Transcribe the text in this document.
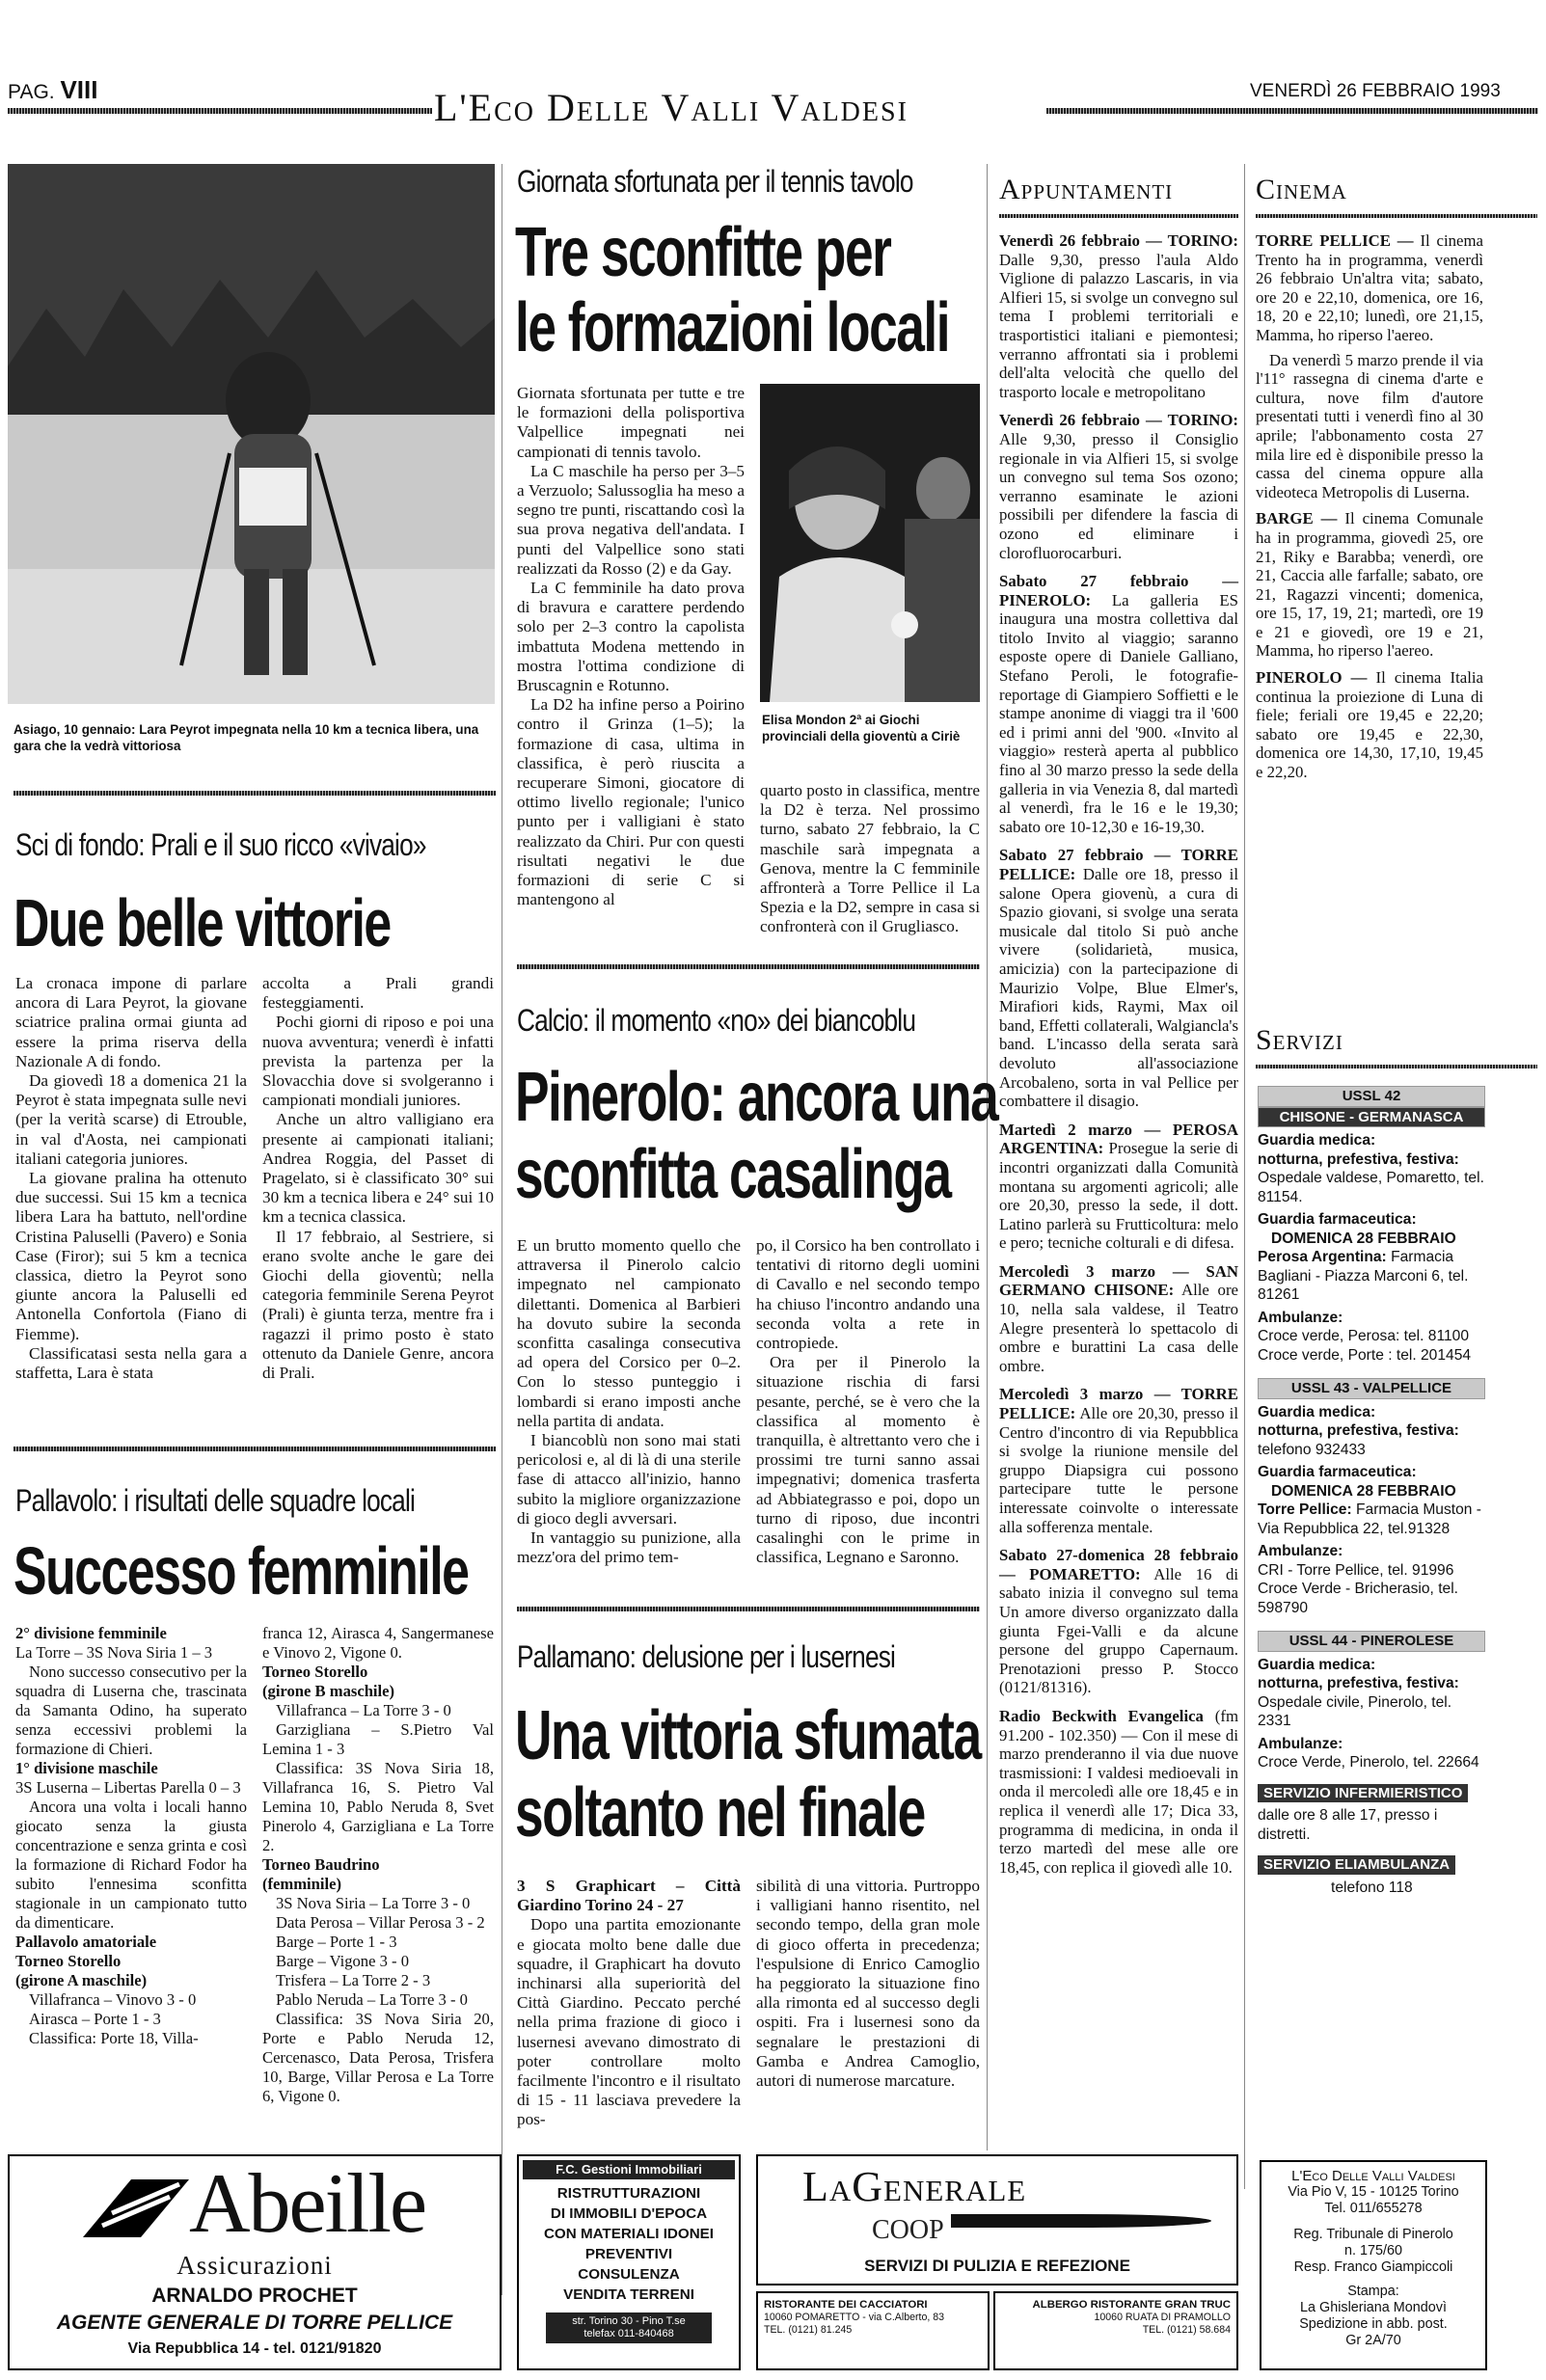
PAG. VIII	L'Eco Delle Valli Valdesi	VENERDÌ 26 FEBBRAIO 1993
Asiago, 10 gennaio: Lara Peyrot impegnata nella 10 km a tecnica libera, una gara che la vedrà vittoriosa
Sci di fondo: Prali e il suo ricco «vivaio»
Due belle vittorie

La cronaca impone di parlare ancora di Lara Peyrot, la giovane sciatrice pralina ormai giunta ad essere la prima riserva della Nazionale A di fondo.

Da giovedì 18 a domenica 21 la Peyrot è stata impegnata sulle nevi (per la verità scarse) di Etrouble, in val d'Aosta, nei campionati italiani categoria juniores.

La giovane pralina ha ottenuto due successi. Sui 15 km a tecnica libera Lara ha battuto, nell'ordine Cristina Paluselli (Pavero) e Sonia Case (Firor); sui 5 km a tecnica classica, dietro la Peyrot sono giunte ancora la Paluselli ed Antonella Confortola (Fiano di Fiemme).

Classificatasi sesta nella gara a staffetta, Lara è stata

accolta a Prali grandi festeggiamenti.

Pochi giorni di riposo e poi una nuova avventura; venerdì è infatti prevista la partenza per la Slovacchia dove si svolgeranno i campionati mondiali juniores.

Anche un altro valligiano era presente ai campionati italiani; Andrea Roggia, del Passet di Pragelato, si è classificato 30° sui 30 km a tecnica libera e 24° sui 10 km a tecnica classica.

Il 17 febbraio, al Sestriere, si erano svolte anche le gare dei Giochi della gioventù; nella categoria femminile Serena Peyrot (Prali) è giunta terza, mentre fra i ragazzi il primo posto è stato ottenuto da Daniele Genre, ancora di Prali.

Pallavolo: i risultati delle squadre locali
Successo femminile
2° divisione femminile
La Torre – 3S Nova Siria 1 – 3
Nono successo consecutivo per la squadra di Luserna che, trascinata da Samanta Odino, ha superato senza eccessivi problemi la formazione di Chieri.
1° divisione maschile
3S Luserna – Libertas Parella 0 – 3
Ancora una volta i locali hanno giocato senza la giusta concentrazione e senza grinta e così la formazione di Richard Fodor ha subito l'ennesima sconfitta stagionale in un campionato tutto da dimenticare.
Pallavolo amatoriale
Torneo Storello
(girone A maschile)
Villafranca – Vinovo 3 - 0
Airasca – Porte 1 - 3
Classifica: Porte 18, Villa-
franca 12, Airasca 4, Sangermanese e Vinovo 2, Vigone 0.
Torneo Storello
(girone B maschile)
Villafranca – La Torre 3 - 0
Garzigliana – S.Pietro Val Lemina 1 - 3
Classifica: 3S Nova Siria 18, Villafranca 16, S. Pietro Val Lemina 10, Pablo Neruda 8, Svet Pinerolo 4, Garzigliana e La Torre 2.
Torneo Baudrino
(femminile)
3S Nova Siria – La Torre 3 - 0
Data Perosa – Villar Perosa 3 - 2
Barge – Porte 1 - 3
Barge – Vigone 3 - 0
Trisfera – La Torre 2 - 3
Pablo Neruda – La Torre 3 - 0
Classifica: 3S Nova Siria 20, Porte e Pablo Neruda 12, Cercenasco, Data Perosa, Trisfera 10, Barge, Villar Perosa e La Torre 6, Vigone 0.
Giornata sfortunata per il tennis tavolo
Tre sconfitte per
le formazioni locali

Giornata sfortunata per tutte e tre le formazioni della polisportiva Valpellice impegnati nei campionati di tennis tavolo.

La C maschile ha perso per 3–5 a Verzuolo; Salussoglia ha meso a segno tre punti, riscattando così la sua prova negativa dell'andata. I punti del Valpellice sono stati realizzati da Rosso (2) e da Gay.

La C femminile ha dato prova di bravura e carattere perdendo solo per 2–3 contro la capolista imbattuta Modena mettendo in mostra l'ottima condizione di Bruscagnin e Rotunno.

La D2 ha infine perso a Poirino contro il Grinza (1–5); la formazione di casa, ultima in classifica, è però riuscita a recuperare Simoni, giocatore di ottimo livello regionale; l'unico punto per i valligiani è stato realizzato da Chiri. Pur con questi risultati negativi le due formazioni di serie C si mantengono al

Elisa Mondon 2ª ai Giochi provinciali della gioventù a Ciriè

quarto posto in classifica, mentre la D2 è terza. Nel prossimo turno, sabato 27 febbraio, la C maschile sarà impegnata a Genova, mentre la C femminile affronterà a Torre Pellice il La Spezia e la D2, sempre in casa si confronterà con il Grugliasco.

Calcio: il momento «no» dei biancoblu
Pinerolo: ancora una
sconfitta casalinga

E un brutto momento quello che attraversa il Pinerolo calcio impegnato nel campionato dilettanti. Domenica al Barbieri ha dovuto subire la seconda sconfitta casalinga consecutiva ad opera del Corsico per 0–2. Con lo stesso punteggio i lombardi si erano imposti anche nella partita di andata.

I biancoblù non sono mai stati pericolosi e, al di là di una sterile fase di attacco all'inizio, hanno subito la migliore organizzazione di gioco degli avversari.

In vantaggio su punizione, alla mezz'ora del primo tem-

po, il Corsico ha ben controllato i tentativi di ritorno degli uomini di Cavallo e nel secondo tempo ha chiuso l'incontro andando una seconda volta a rete in contropiede.

Ora per il Pinerolo la situazione rischia di farsi pesante, perché, se è vero che la classifica al momento è tranquilla, è altrettanto vero che i prossimi tre turni sanno assai impegnativi; domenica trasferta ad Abbiategrasso e poi, dopo un turno di riposo, due incontri casalinghi con le prime in classifica, Legnano e Saronno.

Pallamano: delusione per i lusernesi
Una vittoria sfumata
soltanto nel finale

3 S Graphicart – Città Giardino Torino 24 - 27

Dopo una partita emozionante e giocata molto bene dalle due squadre, il Graphicart ha dovuto inchinarsi alla superiorità del Città Giardino. Peccato perché nella prima frazione di gioco i lusernesi avevano dimostrato di poter controllare molto facilmente l'incontro e il risultato di 15 - 11 lasciava prevedere la pos-

sibilità di una vittoria. Purtroppo i valligiani hanno risentito, nel secondo tempo, della gran mole di gioco offerta in precedenza; l'espulsione di Enrico Camoglio ha peggiorato la situazione fino alla rimonta ed al successo degli ospiti. Fra i lusernesi sono da segnalare le prestazioni di Gamba e Andrea Camoglio, autori di numerose marcature.

Appuntamenti

Venerdì 26 febbraio — TORINO: Dalle 9,30, presso l'aula Aldo Viglione di palazzo Lascaris, in via Alfieri 15, si svolge un convegno sul tema I problemi territoriali e trasportistici italiani e piemontesi; verranno affrontati sia i problemi dell'alta velocità che quello del trasporto locale e metropolitano

Venerdì 26 febbraio — TORINO: Alle 9,30, presso il Consiglio regionale in via Alfieri 15, si svolge un convegno sul tema Sos ozono; verranno esaminate le azioni possibili per difendere la fascia di ozono ed eliminare i clorofluorocarburi.

Sabato 27 febbraio — PINEROLO: La galleria ES inaugura una mostra collettiva dal titolo Invito al viaggio; saranno esposte opere di Daniele Galliano, Stefano Peroli, le fotografie-reportage di Giampiero Soffietti e le stampe anonime di viaggi tra il '600 ed i primi anni del '900. «Invito al viaggio» resterà aperta al pubblico fino al 30 marzo presso la sede della galleria in via Venezia 8, dal martedì al venerdì, fra le 16 e le 19,30; sabato ore 10-12,30 e 16-19,30.

Sabato 27 febbraio — TORRE PELLICE: Dalle ore 18, presso il salone Opera giovenù, a cura di Spazio giovani, si svolge una serata musicale dal titolo Si può anche vivere (solidarietà, musica, amicizia) con la partecipazione di Maurizio Volpe, Blue Elmer's, Mirafiori kids, Raymi, Max oil band, Effetti collaterali, Walgiancla's band. L'incasso della serata sarà devoluto all'associazione Arcobaleno, sorta in val Pellice per combattere il disagio.

Martedì 2 marzo — PEROSA ARGENTINA: Prosegue la serie di incontri organizzati dalla Comunità montana su argomenti agricoli; alle ore 20,30, presso la sede, il dott. Latino parlerà su Frutticoltura: melo e pero; tecniche colturali e di difesa.

Mercoledì 3 marzo — SAN GERMANO CHISONE: Alle ore 10, nella sala valdese, il Teatro Alegre presenterà lo spettacolo di ombre e burattini La casa delle ombre.

Mercoledì 3 marzo — TORRE PELLICE: Alle ore 20,30, presso il Centro d'incontro di via Repubblica si svolge la riunione mensile del gruppo Diapsigra cui possono partecipare tutte le persone interessate coinvolte o interessate alla sofferenza mentale.

Sabato 27-domenica 28 febbraio — POMARETTO: Alle 16 di sabato inizia il convegno sul tema Un amore diverso organizzato dalla giunta Fgei-Valli e da alcune persone del gruppo Capernaum. Prenotazioni presso P. Stocco (0121/81316).

Radio Beckwith Evangelica (fm 91.200 - 102.350) — Con il mese di marzo prenderanno il via due nuove trasmissioni: I valdesi medioevali in onda il mercoledì alle ore 18,45 e in replica il venerdì alle 17; Dica 33, programma di medicina, in onda il terzo martedì del mese alle ore 18,45, con replica il giovedì alle 10.

Cinema

TORRE PELLICE — Il cinema Trento ha in programma, venerdì 26 febbraio Un'altra vita; sabato, ore 20 e 22,10, domenica, ore 16, 18, 20 e 22,10; lunedì, ore 21,15, Mamma, ho riperso l'aereo.

Da venerdì 5 marzo prende il via l'11° rassegna di cinema d'arte e cultura, nove film d'autore presentati tutti i venerdì fino al 30 aprile; l'abbonamento costa 27 mila lire ed è disponibile presso la cassa del cinema oppure alla videoteca Metropolis di Luserna.

BARGE — Il cinema Comunale ha in programma, giovedì 25, ore 21, Riky e Barabba; venerdì, ore 21, Caccia alle farfalle; sabato, ore 21, Ragazzi vincenti; domenica, ore 15, 17, 19, 21; martedì, ore 19 e 21 e giovedì, ore 19 e 21, Mamma, ho riperso l'aereo.

PINEROLO — Il cinema Italia continua la proiezione di Luna di fiele; feriali ore 19,45 e 22,20; sabato ore 19,45 e 22,30, domenica ore 14,30, 17,10, 19,45 e 22,20.

Servizi
USSL 42
CHISONE - GERMANASCA
Guardia medica:
notturna, prefestiva, festiva:
Ospedale valdese, Pomaretto, tel. 81154.
Guardia farmaceutica:
DOMENICA 28 FEBBRAIO
Perosa Argentina: Farmacia Bagliani - Piazza Marconi 6, tel. 81261
Ambulanze:
Croce verde, Perosa: tel. 81100
Croce verde, Porte : tel. 201454
USSL 43 - VALPELLICE
Guardia medica:
notturna, prefestiva, festiva:
telefono 932433
Guardia farmaceutica:
DOMENICA 28 FEBBRAIO
Torre Pellice: Farmacia Muston - Via Repubblica 22, tel.91328
Ambulanze:
CRI - Torre Pellice, tel. 91996
Croce Verde - Bricherasio, tel. 598790
USSL 44 - PINEROLESE
Guardia medica:
notturna, prefestiva, festiva:
Ospedale civile, Pinerolo, tel. 2331
Ambulanze:
Croce Verde, Pinerolo, tel. 22664
SERVIZIO INFERMIERISTICO
dalle ore 8 alle 17, presso i distretti.
SERVIZIO ELIAMBULANZA
telefono 118
L'Eco Delle Valli Valdesi
Via Pio V, 15 - 10125 Torino
Tel. 011/655278
Reg. Tribunale di Pinerolo
n. 175/60
Resp. Franco Giampiccoli
Stampa:
La Ghisleriana Mondovì
Spedizione in abb. post.
Gr 2A/70
Abeille
Assicurazioni
ARNALDO PROCHET
AGENTE GENERALE DI TORRE PELLICE
Via Repubblica 14 - tel. 0121/91820
F.C. Gestioni Immobiliari
RISTRUTTURAZIONI
DI IMMOBILI D'EPOCA
CON MATERIALI IDONEI
PREVENTIVI
CONSULENZA
VENDITA TERRENI
str. Torino 30 - Pino T.se
telefax 011-840468
LaGenerale
coop
SERVIZI DI PULIZIA E REFEZIONE
RISTORANTE DEI CACCIATORI
10060 POMARETTO - via C.Alberto, 83
TEL. (0121) 81.245
ALBERGO RISTORANTE GRAN TRUC
10060 RUATA DI PRAMOLLO
TEL. (0121) 58.684
